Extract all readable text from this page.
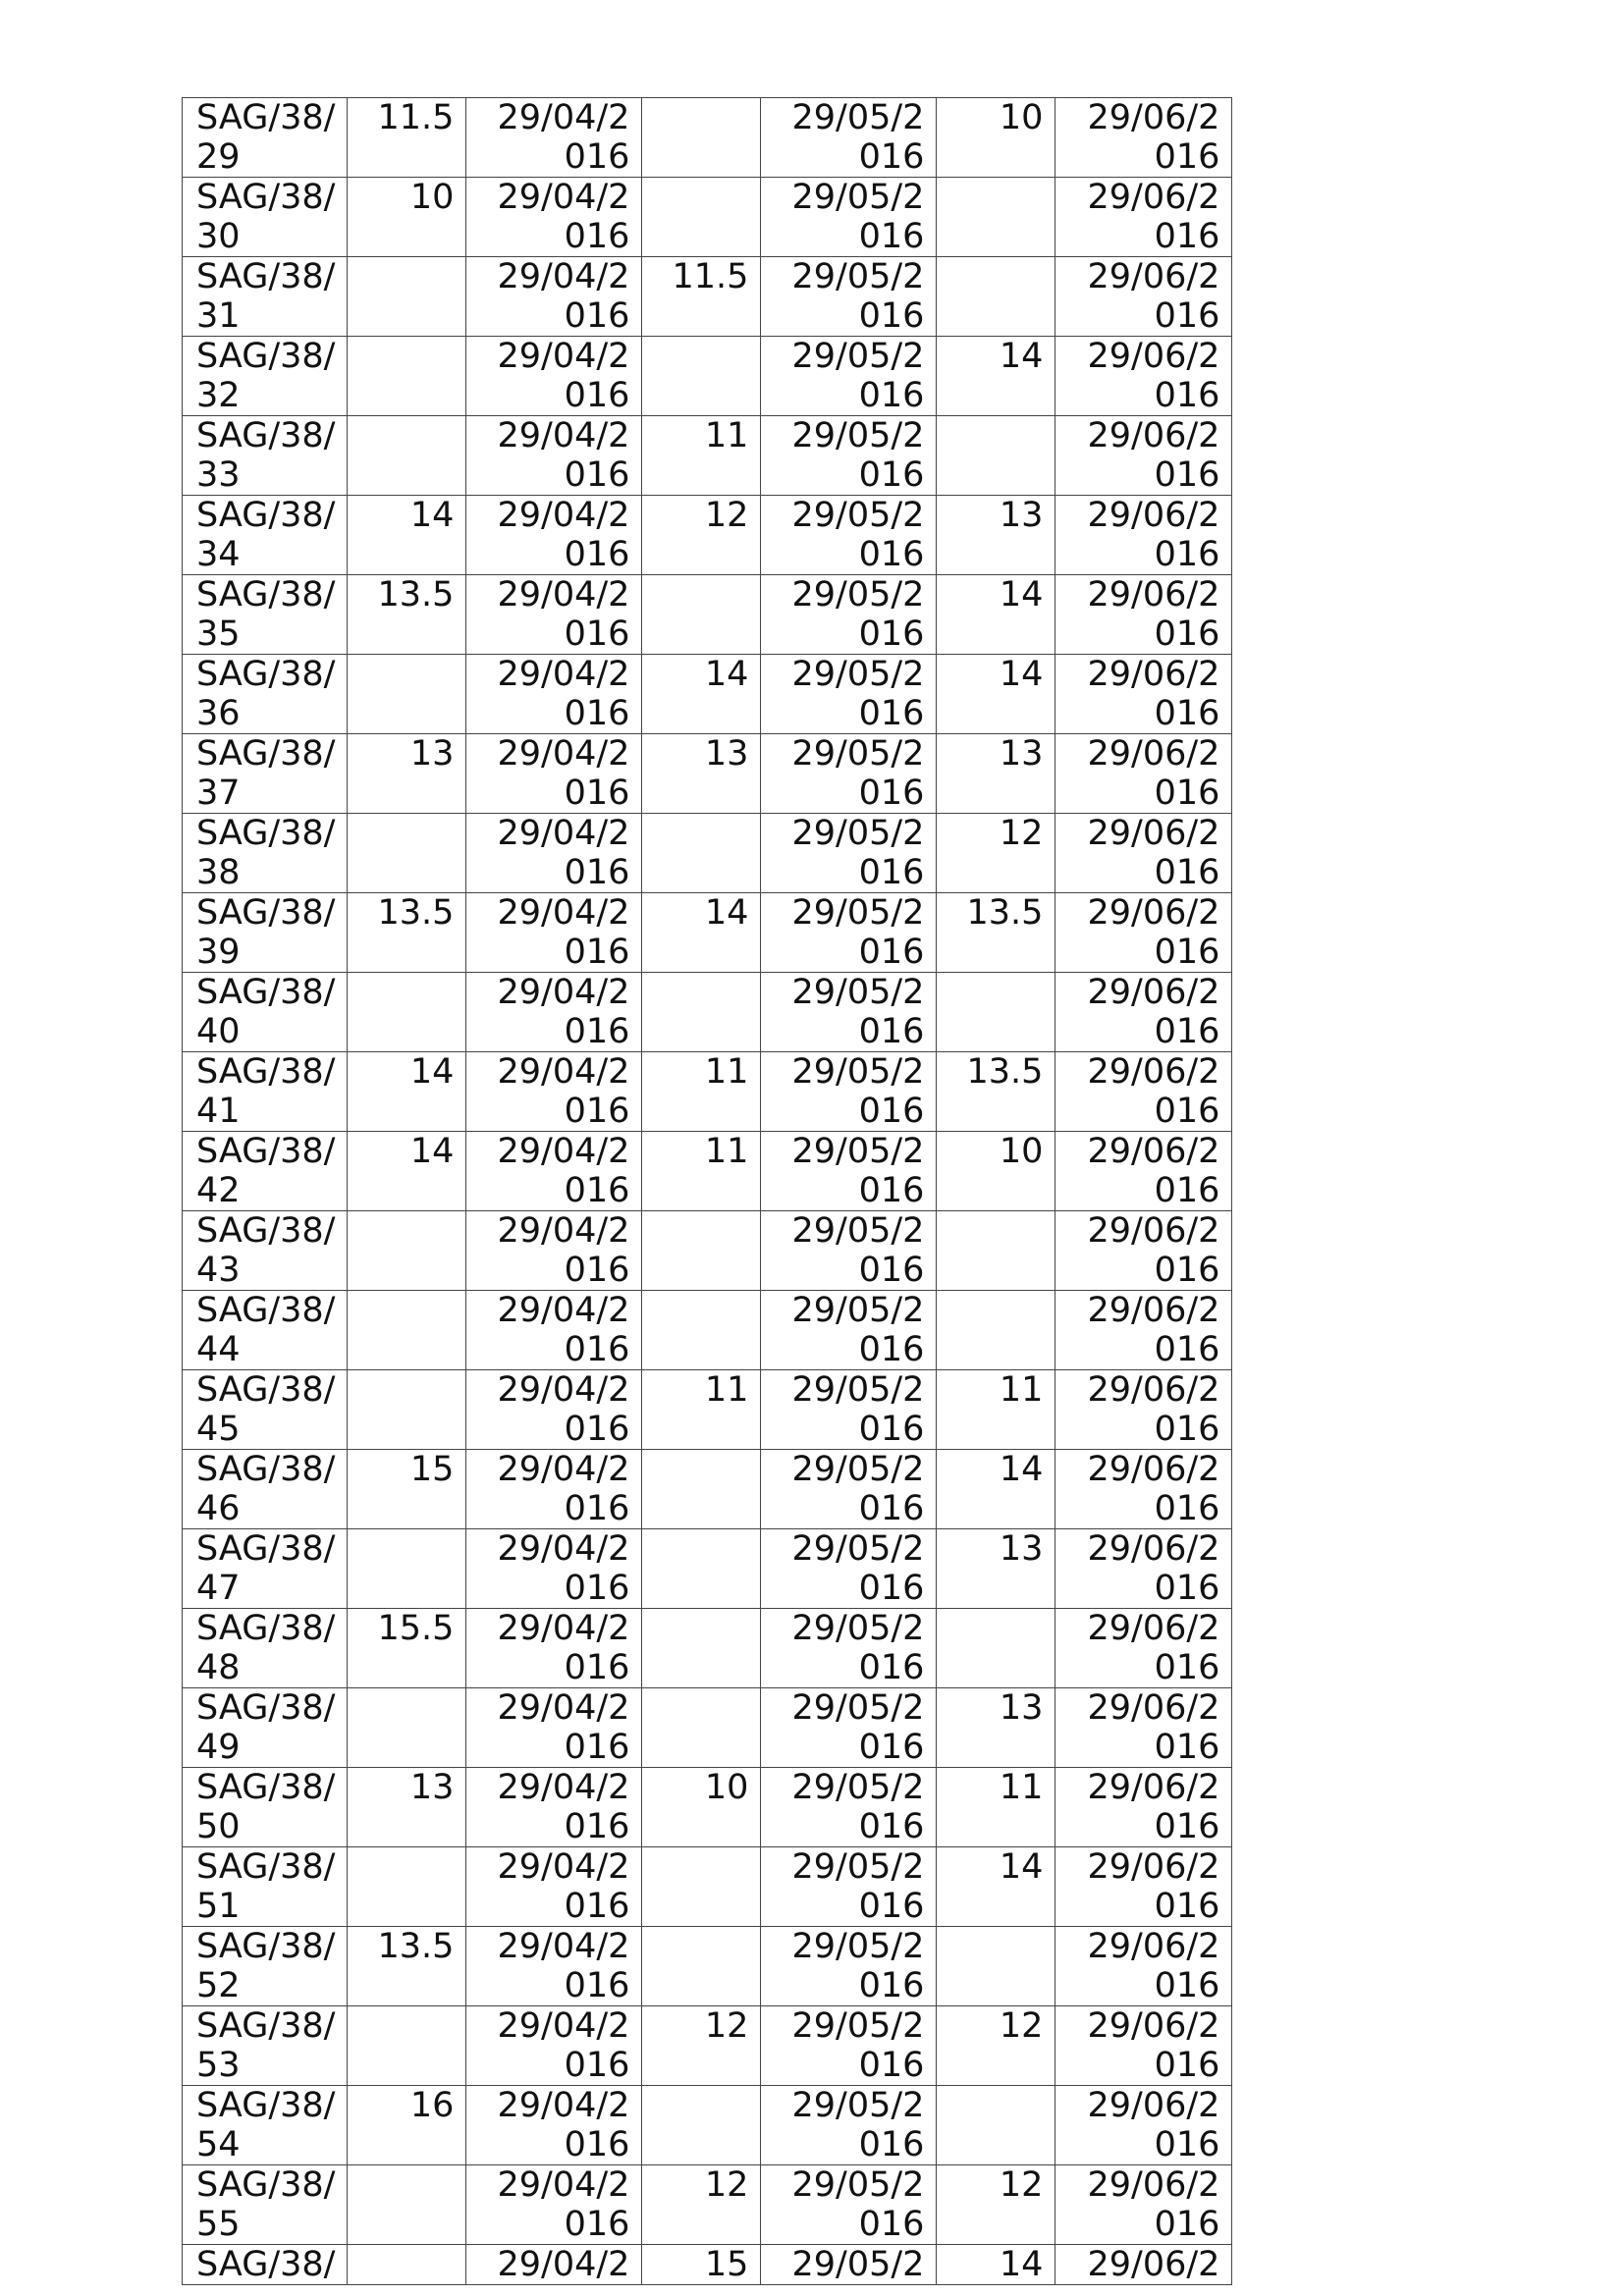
SAG/38/ 29	11.5	29/04/2 016		29/05/2 016	10	29/06/2 016

SAG/38/ 30	10	29/04/2 016		29/05/2 016		29/06/2 016

SAG/38/ 31		29/04/2 016	11.5	29/05/2 016		29/06/2 016

SAG/38/ 32		29/04/2 016		29/05/2 016	14	29/06/2 016

SAG/38/ 33		29/04/2 016	11	29/05/2 016		29/06/2 016

SAG/38/ 34	14	29/04/2 016	12	29/05/2 016	13	29/06/2 016

SAG/38/ 35	13.5	29/04/2 016		29/05/2 016	14	29/06/2 016

SAG/38/ 36		29/04/2 016	14	29/05/2 016	14	29/06/2 016

SAG/38/ 37	13	29/04/2 016	13	29/05/2 016	13	29/06/2 016

SAG/38/ 38		29/04/2 016		29/05/2 016	12	29/06/2 016

SAG/38/ 39	13.5	29/04/2 016	14	29/05/2 016	13.5	29/06/2 016

SAG/38/ 40		29/04/2 016		29/05/2 016		29/06/2 016

SAG/38/ 41	14	29/04/2 016	11	29/05/2 016	13.5	29/06/2 016

SAG/38/ 42	14	29/04/2 016	11	29/05/2 016	10	29/06/2 016

SAG/38/ 43		29/04/2 016		29/05/2 016		29/06/2 016

SAG/38/ 44		29/04/2 016		29/05/2 016		29/06/2 016

SAG/38/ 45		29/04/2 016	11	29/05/2 016	11	29/06/2 016

SAG/38/ 46	15	29/04/2 016		29/05/2 016	14	29/06/2 016

SAG/38/ 47		29/04/2 016		29/05/2 016	13	29/06/2 016

SAG/38/ 48	15.5	29/04/2 016		29/05/2 016		29/06/2 016

SAG/38/ 49		29/04/2 016		29/05/2 016	13	29/06/2 016

SAG/38/ 50	13	29/04/2 016	10	29/05/2 016	11	29/06/2 016

SAG/38/ 51		29/04/2 016		29/05/2 016	14	29/06/2 016

SAG/38/ 52	13.5	29/04/2 016		29/05/2 016		29/06/2 016

SAG/38/ 53		29/04/2 016	12	29/05/2 016	12	29/06/2 016

SAG/38/ 54	16	29/04/2 016		29/05/2 016		29/06/2 016

SAG/38/ 55		29/04/2 016	12	29/05/2 016	12	29/06/2 016

SAG/38/		29/04/2	15	29/05/2	14	29/06/2
